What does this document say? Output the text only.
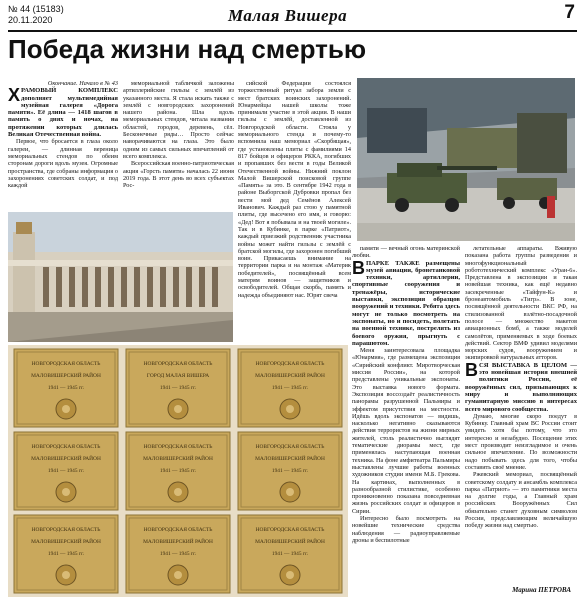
№ 44 (15183)
20.11.2020	Малая Вишера	7
Победа жизни над смертью
Окончание. Начало в № 43

ХРАМОВЫЙ КОМПЛЕКС дополняет мультимедийная музейная галерея «Дорога памяти». Её длина — 1418 шагов в память о днях и ночах, на протяжении которых длилась Великая Отечественная война.

Первое, что бросается в глаза около галереи, — длинная вереница мемориальных стендов по обеим сторонам дороги вдоль музея. Огромные пространства, где собраны информация о захоронениях советских солдат, и под каждой

мемориальной табличкой заложены артиллерийские гильзы с землёй из указанного места. Я стала искать также с землёй с новгородских захоронений нашего района. Шла вдоль мемориальных стендов, читала названия областей, городов, деревень, сёл. Бесконечные ряды… Просто сейчас наворачиваются на глаза. Это было одним из самых сильных впечатлений от всего комплекса.

Всероссийская военно-патриотическая акция «Горсть памяти» началась 22 июня 2019 года. В этот день во всех субъектах Рос-

сийской Федерации состоялся торжественный ритуал забора земли с мест братских воинских захоронений. Юнармейцы нашей школы тоже принимали участие в этой акции. В наши гильзы с землёй, доставленной из Новгородской области. Стояла у мемориального стенда и почему-то вспомнила наш мемориал «Скорбящая», где установлены плиты с фамилиями 14 817 бойцов и офицеров РККА, погибших и пропавших без вести в годы Великой Отечественной войны. Нижний поклон Малой Вишерской поисковой группе «Память» за это. В сентябре 1942 года в районе Выборгской Дубровки пропал без вести мой дед Семёнов Алексей Иванович. Каждый раз стою у памятной плиты, где высечено его имя, и говорю: «Дед! Вот я побывала и на твоей могиле». Так и в Кубинке, в парке «Патриот», каждый приезжий родственник участника войны может найти гильзы с землёй с братской могилы, где захоронен погибший воин. Прикасаешь внимание на территории парка и на монтаж «Материк победителей», посвящённый всем матерям воинов — защитников и освободителей. Общая скорбь, память и надежда объединяют нас. Юрят свеча

НОВГОРОДСКАЯ ОБЛАСТЬ
МАЛОВИШЕРСКИЙ РАЙОН
1941 — 1945 гг.
НОВГОРОДСКАЯ ОБЛАСТЬ
ГОРОД МАЛАЯ ВИШЕРА
1941 — 1945 гг.
НОВГОРОДСКАЯ ОБЛАСТЬ
МАЛОВИШЕРСКИЙ РАЙОН
1941 — 1945 гг.
НОВГОРОДСКАЯ ОБЛАСТЬ
МАЛОВИШЕРСКИЙ РАЙОН
1941 — 1945 гг.
НОВГОРОДСКАЯ ОБЛАСТЬ
МАЛОВИШЕРСКИЙ РАЙОН
1941 — 1945 гг.
НОВГОРОДСКАЯ ОБЛАСТЬ
МАЛОВИШЕРСКИЙ РАЙОН
1941 — 1945 гг.
НОВГОРОДСКАЯ ОБЛАСТЬ
МАЛОВИШЕРСКИЙ РАЙОН
1941 — 1945 гг.
НОВГОРОДСКАЯ ОБЛАСТЬ
МАЛОВИШЕРСКИЙ РАЙОН
1941 — 1945 гг.
НОВГОРОДСКАЯ ОБЛАСТЬ
МАЛОВИШЕРСКИЙ РАЙОН
1941 — 1945 гг.

памяти — вечный огонь материнской любви.

ВПАРКЕ ТАКЖЕ размещены музей авиации, бронетанковой техники, артиллерии, спортивные сооружения и тренажёры, исторические выставки, экспозиция образцов вооружений и техники. Ребята здесь могут не только посмотреть на экспонаты, но и посидеть, полетать на военной технике, пострелять из боевого оружия, прыгнуть с парашютом.

Меня заинтересовала площадка «Юнармия», где размещена экспозиция «Сирийский конфликт. Миротворческая миссия России», на которой представлены уникальные экспонаты. Это выставка нового формата. Экспозиция воссоздаёт реалистичность панорамы разрушенной Пальмиры и эффектом присутствия на местности. Идёшь вдоль экспонатов — видишь, насколько негативно сказываются действия террористов на жизни мирных жителей, столь реалистично выглядят тематические диорамы мест, где применялась наступающая военная техника. На фоне амфитеатра Пальмиры выставлены лучшие работы военных художников студии имени М.Б. Грекова. На картинах, выполненных в разнообразной стилистике, особенно проникновенно показана повседневная жизнь российских солдат и офицеров в Сирии.

Интересно было посмотреть на новейшие технические средства наблюдения — радиоуправляемые дроны и беспилотные

летательные аппараты. Вживую показана работа группы разведения и многофункциональный робототехнический комплекс «Уран-6». Представлена в экспозиции и такая новейшая техника, как ещё недавно засекреченные «Тайфун-К» и бронеавтомобиль «Тигр». В зоне, посвящённой деятельности ВКС РФ, на стилизованной взлётно-посадочной полосе — множество макетов авиационных бомб, а также моделей самолётов, применяемых в ходе боевых действий. Сектор ВМФ удивил моделями морских судов, вооружением и экипировкой натуральных атторов.

ВСЯ ВЫСТАВКА В ЦЕЛОМ — это новейшая история внешней политики России, её вооружённых сил, призывающих к миру и выполняющих гуманитарную миссию в интересах всего мирового сообщества.

Думаю, многие скоро поедут в Кубинку. Главный храм ВС России стоит увидеть хотя бы потому, что это интересно и незабудно. Посещение этих мест производит неизгладимое и очень сильное впечатление. По возможности надо побывать здесь для того, чтобы составить своё мнение.

Ржевский мемориал, посвящённый советскому солдату и ансамбль комплекса парка «Патриот» — это памятники места на долгие годы, а Главный храм российских Вооружённых Сил обязательно станет духовным символом России, предславляющим величайшую победу жизни над смертью.

Марина ПЕТРОВА
